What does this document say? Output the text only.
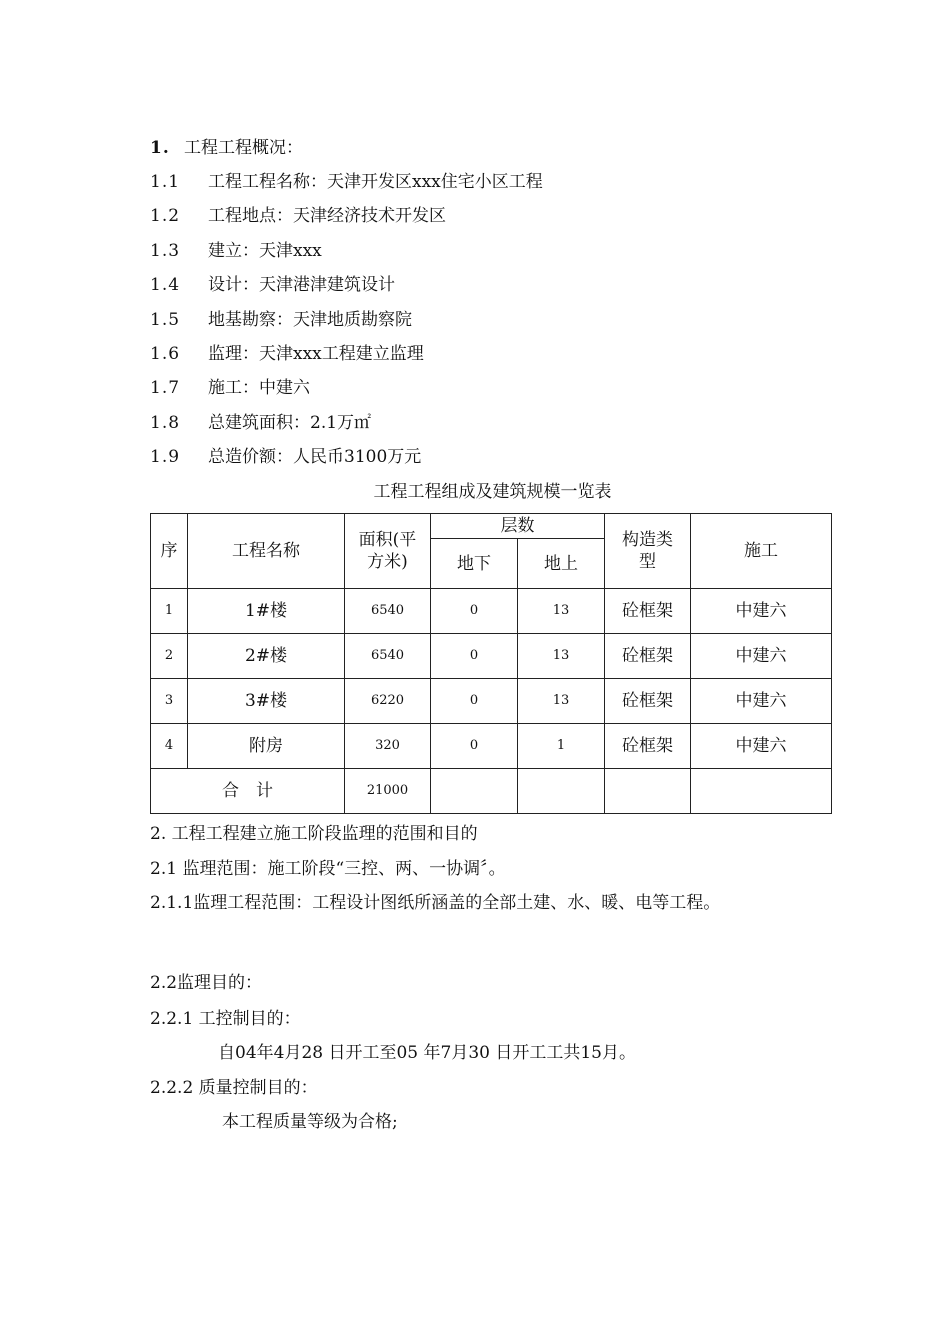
1. 工程工程概况：
1.1 工程工程名称：天津开发区xxx住宅小区工程
1.2 工程地点：天津经济技术开发区
1.3 建立：天津xxx
1.4 设计：天津港津建筑设计
1.5 地基勘察：天津地质勘察院
1.6 监理：天津xxx工程建立监理
1.7 施工：中建六
1.8 总建筑面积：2.1万㎡
1.9 总造价额：人民币3100万元
工程工程组成及建筑规模一览表
序	工程名称	面积(平方米)	层数		构造类型	施工
			地下	地上		
1	1#楼	6540	0	13	砼框架	中建六
2	2#楼	6540	0	13	砼框架	中建六
3	3#楼	6220	0	13	砼框架	中建六
4	附房	320	0	1	砼框架	中建六
合　计		21000				
2. 工程工程建立施工阶段监理的范围和目的
2.1 监理范围：施工阶段“三控、两、一协调〞。
2.1.1监理工程范围：工程设计图纸所涵盖的全部土建、水、暖、电等工程。
2.2监理目的：
2.2.1 工控制目的：
自04年4月28 日开工至05 年7月30 日开工工共15月。
2.2.2 质量控制目的：
本工程质量等级为合格;
